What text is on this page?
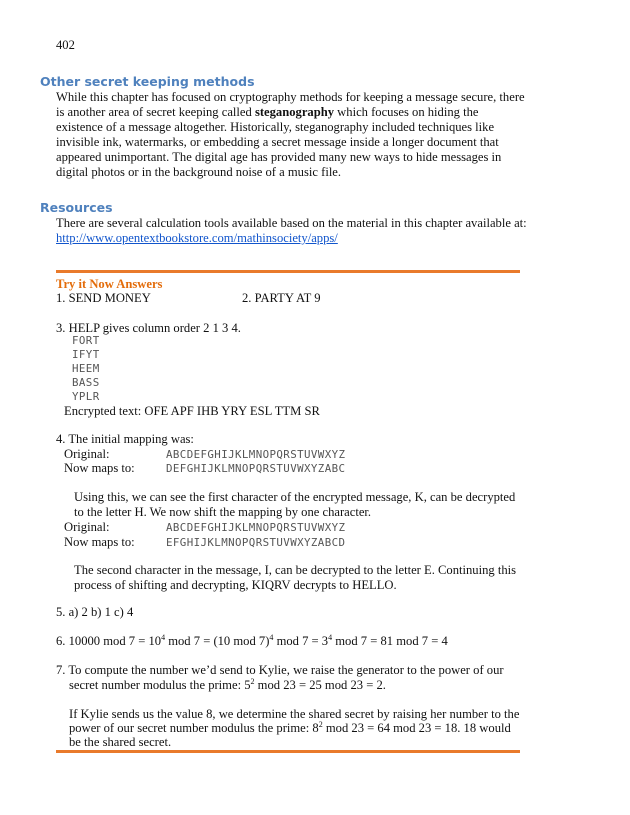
402
Other secret keeping methods
While this chapter has focused on cryptography methods for keeping a message secure, there
is another area of secret keeping called steganography which focuses on hiding the
existence of a message altogether. Historically, steganography included techniques like
invisible ink, watermarks, or embedding a secret message inside a longer document that
appeared unimportant. The digital age has provided many new ways to hide messages in
digital photos or in the background noise of a music file.
Resources
There are several calculation tools available based on the material in this chapter available at:
http://www.opentextbookstore.com/mathinsociety/apps/
Try it Now Answers
1. SEND MONEY	2. PARTY AT 9
3. HELP gives column order 2 1 3 4.
FORT
IFYT
HEEM
BASS
YPLR
Encrypted text: OFE APF IHB YRY ESL TTM SR
4. The initial mapping was:
Original:	ABCDEFGHIJKLMNOPQRSTUVWXYZ
Now maps to:	DEFGHIJKLMNOPQRSTUVWXYZABC
Using this, we can see the first character of the encrypted message, K, can be decrypted
to the letter H. We now shift the mapping by one character.
Original:	ABCDEFGHIJKLMNOPQRSTUVWXYZ
Now maps to:	EFGHIJKLMNOPQRSTUVWXYZABCD
The second character in the message, I, can be decrypted to the letter E. Continuing this
process of shifting and decrypting, KIQRV decrypts to HELLO.
5. a) 2 b) 1 c) 4
6. 10000 mod $7 = 10^4$ mod 7 = (10 mod 7)$^4$ mod $7 = 3^4$ mod 7 = 81 mod 7 = 4
7. To compute the number we’d send to Kylie, we raise the generator to the power of our
secret number modulus the prime: $5^2$ mod 23 = 25 mod 23 = 2.
If Kylie sends us the value 8, we determine the shared secret by raising her number to the
power of our secret number modulus the prime: $8^2$ mod 23 = 64 mod 23 = 18. 18 would
be the shared secret.
